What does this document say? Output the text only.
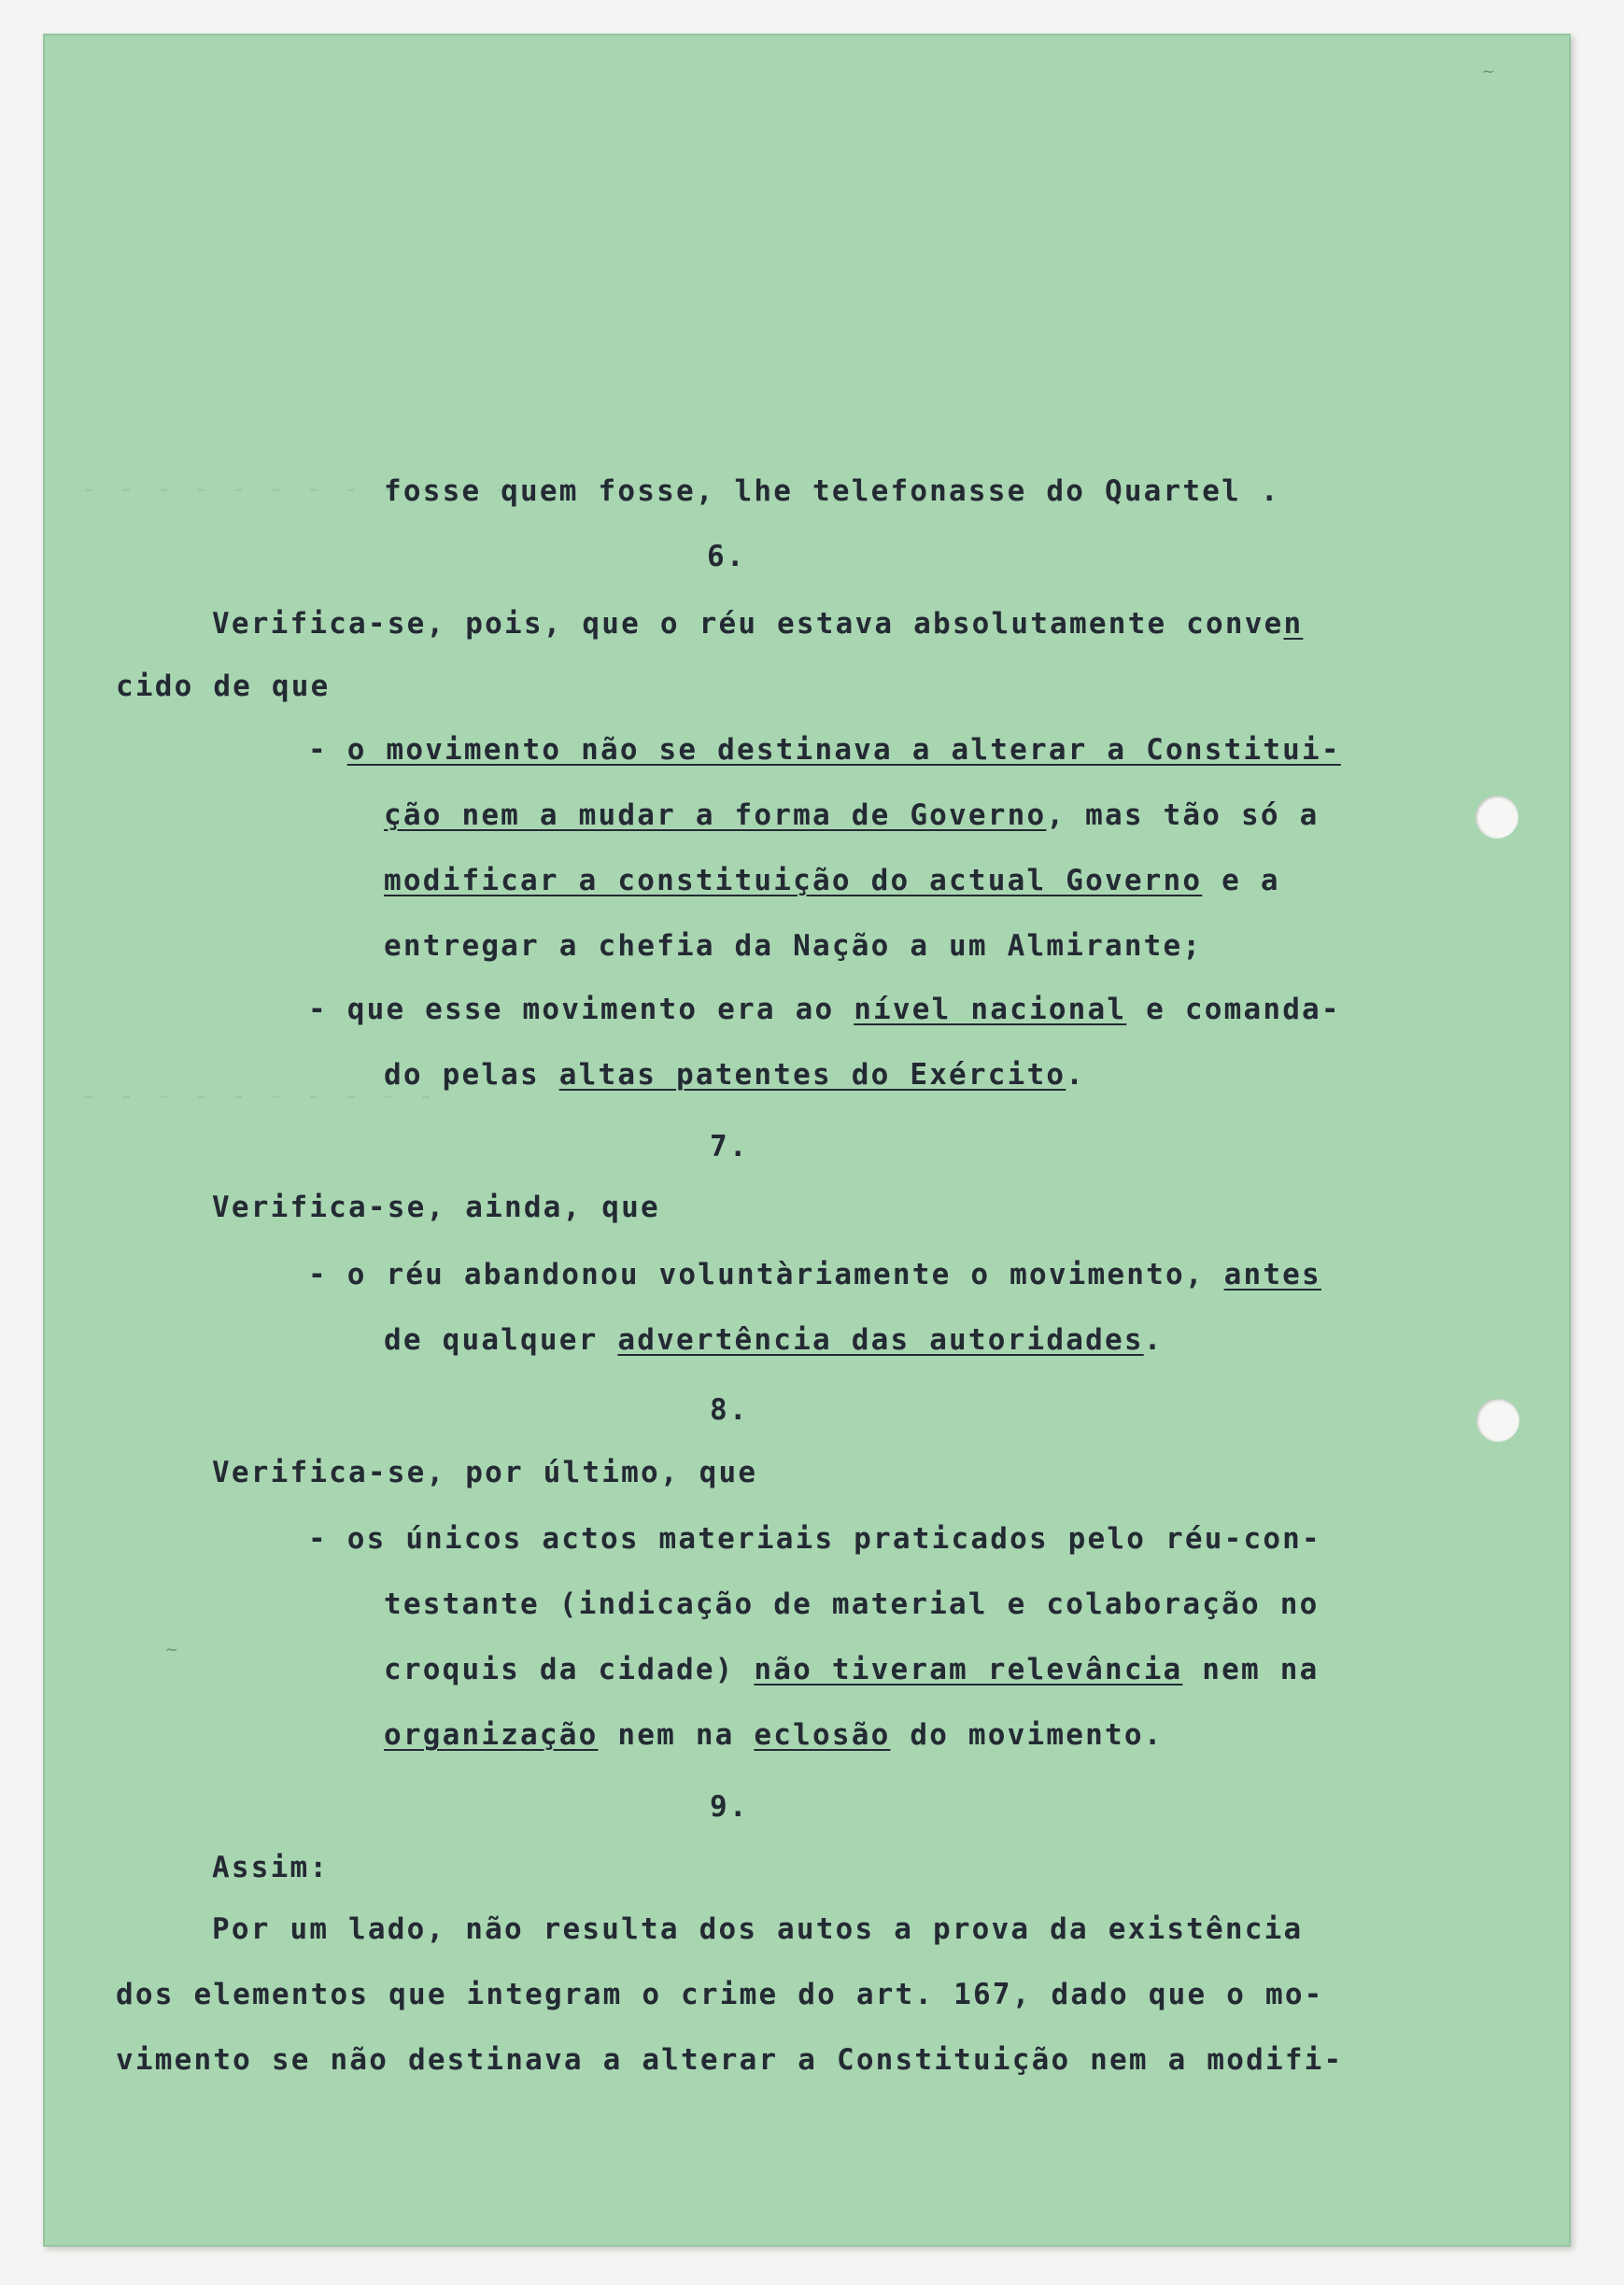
- - - - - - - - - - - -
- - - - - - - - - -
~
~
fosse quem fosse, lhe telefonasse do Quartel .
6.
Verifica-se, pois, que o réu estava absolutamente conven
cido de que
- o movimento não se destinava a alterar a Constitui-
ção nem a mudar a forma de Governo, mas tão só a
modificar a constituição do actual Governo e a
entregar a chefia da Nação a um Almirante;
- que esse movimento era ao nível nacional e comanda-
do pelas altas patentes do Exército.
7.
Verifica-se, ainda, que
- o réu abandonou voluntàriamente o movimento, antes
de qualquer advertência das autoridades.
8.
Verifica-se, por último, que
- os únicos actos materiais praticados pelo réu-con-
testante (indicação de material e colaboração no
croquis da cidade) não tiveram relevância nem na
organização nem na eclosão do movimento.
9.
Assim:
Por um lado, não resulta dos autos a prova da existência
dos elementos que integram o crime do art. 167, dado que o mo-
vimento se não destinava a alterar a Constituição nem a modifi-
